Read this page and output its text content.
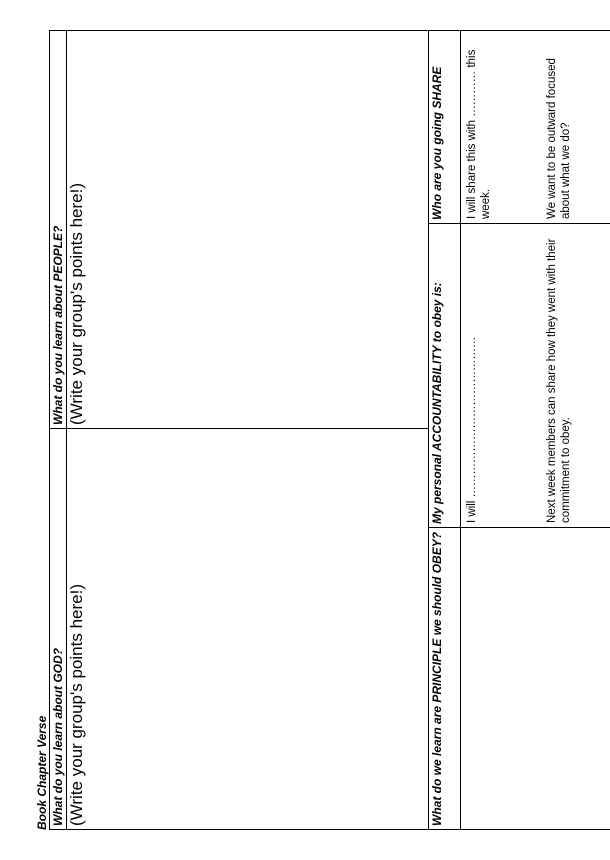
Book Chapter Verse What do you learn about GOD?
What do you learn about PEOPLE?
(Write your group's points here!)
(Write your group's points here!)
What do we learn are PRINCIPLE we should OBEY?
My personal ACCOUNTABILITY to obey is:
Who are you going SHARE
I will ……………………………………	Next week members can share how they went with their commitment to obey.
I will share this with ………… this week.	We want to be outward focused about what we do?
